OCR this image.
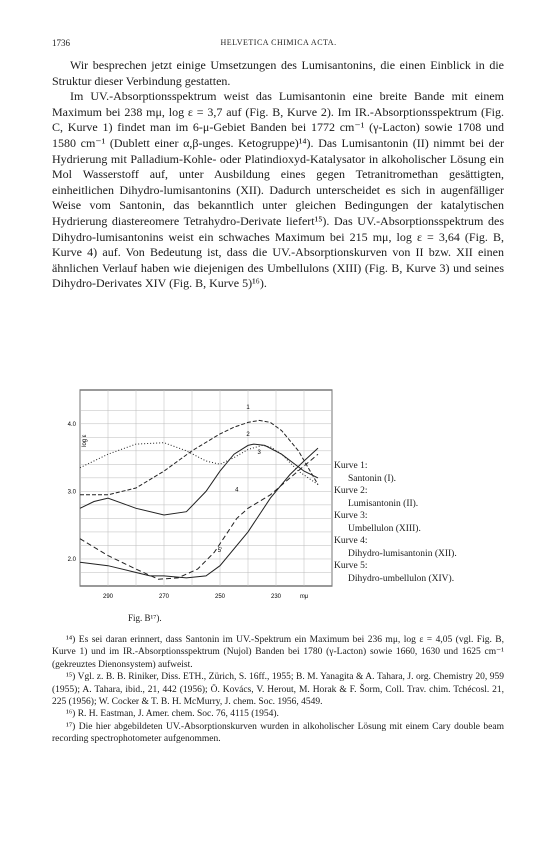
1736	HELVETICA CHIMICA ACTA.

Wir besprechen jetzt einige Umsetzungen des Lumisantonins, die einen Einblick in die Struktur dieser Verbindung gestatten.

Im UV.-Absorptionsspektrum weist das Lumisantonin eine breite Bande mit einem Maximum bei 238 mμ, log ε = 3,7 auf (Fig. B, Kurve 2). Im IR.-Absorptionsspektrum (Fig. C, Kurve 1) findet man im 6-μ-Gebiet Banden bei 1772 cm⁻¹ (γ-Lacton) sowie 1708 und 1580 cm⁻¹ (Dublett einer α,β-unges. Ketogruppe)¹⁴). Das Lumisantonin (II) nimmt bei der Hydrierung mit Palladium-Kohle- oder Platindioxyd-Katalysator in alkoholischer Lösung ein Mol Wasserstoff auf, unter Ausbildung eines gegen Tetranitromethan gesättigten, einheitlichen Dihydro-lumisantonins (XII). Dadurch unterscheidet es sich in augenfälliger Weise vom Santonin, das bekanntlich unter gleichen Bedingungen der katalytischen Hydrierung diastereomere Tetrahydro-Derivate liefert¹⁵). Das UV.-Absorptionsspektrum des Dihydro-lumisantonins weist ein schwaches Maximum bei 215 mμ, log ε = 3,64 (Fig. B, Kurve 4) auf. Von Bedeutung ist, dass die UV.-Absorptionskurven von II bzw. XII einen ähnlichen Verlauf haben wie diejenigen des Umbellulons (XIII) (Fig. B, Kurve 3) und seines Dihydro-Derivates XIV (Fig. B, Kurve 5)¹⁶).

290	270	250	230	mμ
2.0
3.0
4.0
log ε
1
2
3
4
5'

Kurve 1:

Santonin (I).

Kurve 2:

Lumisantonin (II).

Kurve 3:

Umbellulon (XIII).

Kurve 4:

Dihydro-lumisantonin (XII).

Kurve 5:

Dihydro-umbellulon (XIV).

Fig. B¹⁷).

¹⁴) Es sei daran erinnert, dass Santonin im UV.-Spektrum ein Maximum bei 236 mμ, log ε = 4,05 (vgl. Fig. B, Kurve 1) und im IR.-Absorptionsspektrum (Nujol) Banden bei 1780 (γ-Lacton) sowie 1660, 1630 und 1625 cm⁻¹ (gekreuztes Dienonsystem) aufweist.

¹⁵) Vgl. z. B. B. Riniker, Diss. ETH., Zürich, S. 16ff., 1955; B. M. Yanagita & A. Tahara, J. org. Chemistry 20, 959 (1955); A. Tahara, ibid., 21, 442 (1956); Ö. Kovács, V. Herout, M. Horak & F. Šorm, Coll. Trav. chim. Tchécosl. 21, 225 (1956); W. Cocker & T. B. H. McMurry, J. chem. Soc. 1956, 4549.

¹⁶) R. H. Eastman, J. Amer. chem. Soc. 76, 4115 (1954).

¹⁷) Die hier abgebildeten UV.-Absorptionskurven wurden in alkoholischer Lösung mit einem Cary double beam recording spectrophotometer aufgenommen.
